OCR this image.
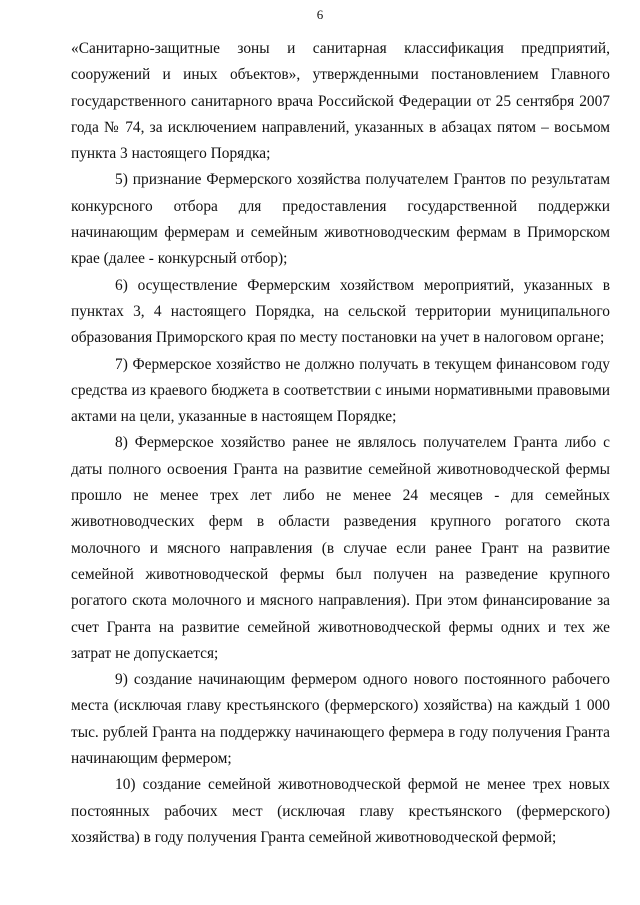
6

«Санитарно-защитные зоны и санитарная классификация предприятий, сооружений и иных объектов», утвержденными постановлением Главного государственного санитарного врача Российской Федерации от 25 сентября 2007 года № 74, за исключением направлений, указанных в абзацах пятом – восьмом пункта 3 настоящего Порядка;

5) признание Фермерского хозяйства получателем Грантов по результатам конкурсного отбора для предоставления государственной поддержки начинающим фермерам и семейным животноводческим фермам в Приморском крае (далее - конкурсный отбор);

6) осуществление Фермерским хозяйством мероприятий, указанных в пунктах 3, 4 настоящего Порядка, на сельской территории муниципального образования Приморского края по месту постановки на учет в налоговом органе;

7) Фермерское хозяйство не должно получать в текущем финансовом году средства из краевого бюджета в соответствии с иными нормативными правовыми актами на цели, указанные в настоящем Порядке;

8) Фермерское хозяйство ранее не являлось получателем Гранта либо с даты полного освоения Гранта на развитие семейной животноводческой фермы прошло не менее трех лет либо не менее 24 месяцев - для семейных животноводческих ферм в области разведения крупного рогатого скота молочного и мясного направления (в случае если ранее Грант на развитие семейной животноводческой фермы был получен на разведение крупного рогатого скота молочного и мясного направления). При этом финансирование за счет Гранта на развитие семейной животноводческой фермы одних и тех же затрат не допускается;

9) создание начинающим фермером одного нового постоянного рабочего места (исключая главу крестьянского (фермерского) хозяйства) на каждый 1 000 тыс. рублей Гранта на поддержку начинающего фермера в году получения Гранта начинающим фермером;

10) создание семейной животноводческой фермой не менее трех новых постоянных рабочих мест (исключая главу крестьянского (фермерского) хозяйства) в году получения Гранта семейной животноводческой фермой;
